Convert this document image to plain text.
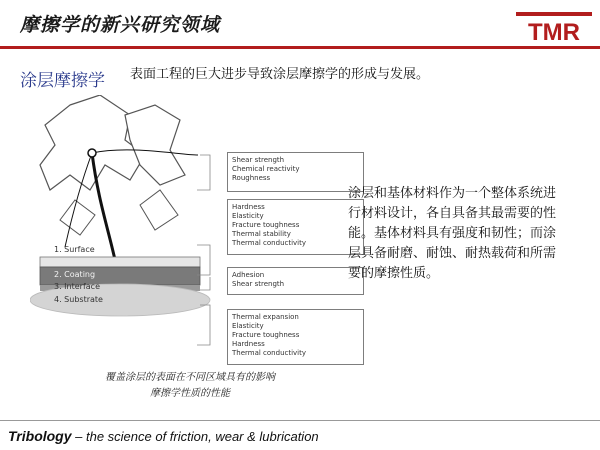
摩擦学的新兴研究领域	TMR
涂层摩擦学 表面工程的巨大进步导致涂层摩擦学的形成与发展。
1. Surface
2. Coating
3. Interface
4. Substrate
Shear strength
Chemical reactivity
Roughness
Hardness
Elasticity
Fracture toughness
Thermal stability
Thermal conductivity
Adhesion
Shear strength
Thermal expansion
Elasticity
Fracture toughness
Hardness
Thermal conductivity
涂层和基体材料作为一个整体系统进行材料设计，各自具备其最需要的性能。基体材料具有强度和韧性；而涂层具备耐磨、耐蚀、耐热载荷和所需要的摩擦性质。
覆盖涂层的表面在不同区域具有的影响
摩擦学性质的性能
Tribology – the science of friction, wear & lubrication
